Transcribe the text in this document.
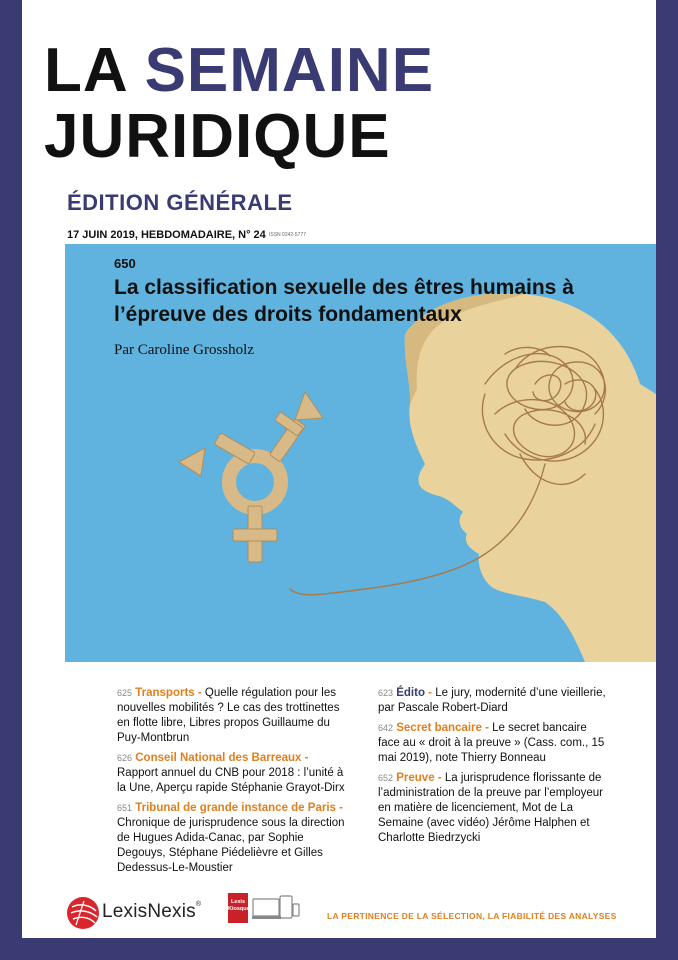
LA SEMAINE
JURIDIQUE
ÉDITION GÉNÉRALE
17 JUIN 2019, HEBDOMADAIRE, N° 24 ISSN 0242-5777
650
La classification sexuelle des êtres humains à l’épreuve des droits fondamentaux
Par Caroline Grossholz
625 Transports - Quelle régulation pour les nouvelles mobilités ? Le cas des trottinettes en flotte libre, Libres propos Guillaume du Puy-Montbrun
626 Conseil National des Barreaux - Rapport annuel du CNB pour 2018 : l’unité à la Une, Aperçu rapide Stéphanie Grayot-Dirx
651 Tribunal de grande instance de Paris - Chronique de jurisprudence sous la direction de Hugues Adida-Canac, par Sophie Degouys, Stéphane Piédelièvre et Gilles Dedessus-Le-Moustier
623 Édito - Le jury, modernité d’une vieillerie, par Pascale Robert-Diard
642 Secret bancaire - Le secret bancaire face au « droit à la preuve » (Cass. com., 15 mai 2019), note Thierry Bonneau
652 Preuve - La jurisprudence florissante de l’administration de la preuve par l’employeur en matière de licenciement, Mot de La Semaine (avec vidéo) Jérôme Halphen et Charlotte Biedrzycki
LexisNexis®	Lexis
Kiosque
LA PERTINENCE DE LA SÉLECTION, LA FIABILITÉ DES ANALYSES
